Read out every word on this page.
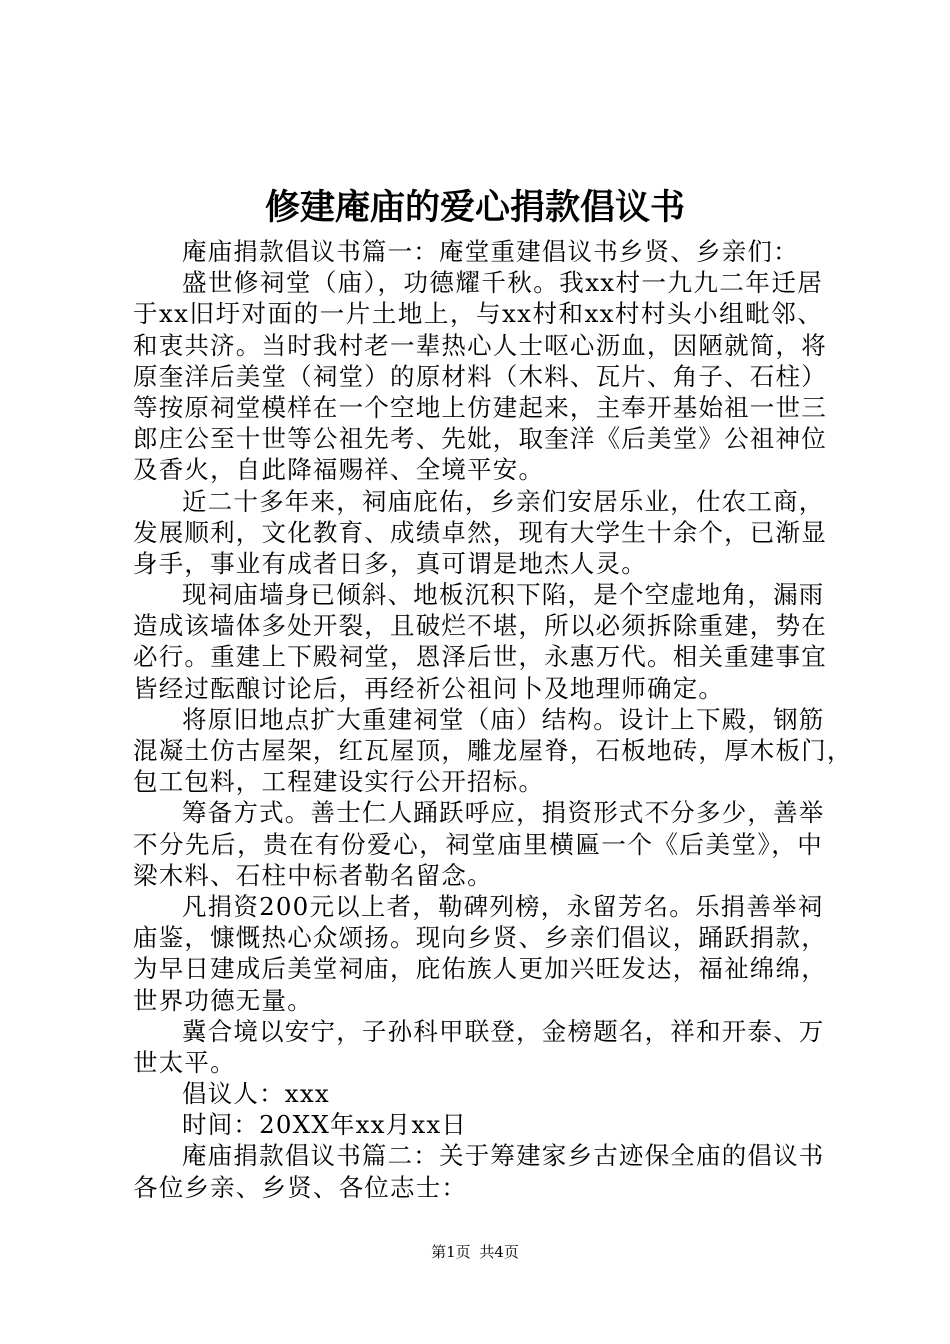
修建庵庙的爱心捐款倡议书
庵庙捐款倡议书篇一：庵堂重建倡议书乡贤、乡亲们：
盛世修祠堂（庙），功德耀千秋。我xx村一九九二年迁居
于xx旧圩对面的一片土地上，与xx村和xx村村头小组毗邻、
和衷共济。当时我村老一辈热心人士呕心沥血，因陋就简，将
原奎洋后美堂（祠堂）的原材料（木料、瓦片、角子、石柱）
等按原祠堂模样在一个空地上仿建起来，主奉开基始祖一世三
郎庄公至十世等公祖先考、先妣，取奎洋《后美堂》公祖神位
及香火，自此降福赐祥、全境平安。
近二十多年来，祠庙庇佑，乡亲们安居乐业，仕农工商，
发展顺利，文化教育、成绩卓然，现有大学生十余个，已渐显
身手，事业有成者日多，真可谓是地杰人灵。
现祠庙墙身已倾斜、地板沉积下陷，是个空虚地角，漏雨
造成该墙体多处开裂，且破烂不堪，所以必须拆除重建，势在
必行。重建上下殿祠堂，恩泽后世，永惠万代。相关重建事宜
皆经过酝酿讨论后，再经祈公祖问卜及地理师确定。
将原旧地点扩大重建祠堂（庙）结构。设计上下殿，钢筋
混凝土仿古屋架，红瓦屋顶，雕龙屋脊，石板地砖，厚木板门，
包工包料，工程建设实行公开招标。
筹备方式。善士仁人踊跃呼应，捐资形式不分多少，善举
不分先后，贵在有份爱心，祠堂庙里横匾一个《后美堂》，中
梁木料、石柱中标者勒名留念。
凡捐资200元以上者，勒碑列榜，永留芳名。乐捐善举祠
庙鉴，慷慨热心众颂扬。现向乡贤、乡亲们倡议，踊跃捐款，
为早日建成后美堂祠庙，庇佑族人更加兴旺发达，福祉绵绵，
世界功德无量。
冀合境以安宁，子孙科甲联登，金榜题名，祥和开泰、万
世太平。
倡议人：xxx
时间：20XX年xx月xx日
庵庙捐款倡议书篇二：关于筹建家乡古迹保全庙的倡议书
各位乡亲、乡贤、各位志士：
第1页 共4页
